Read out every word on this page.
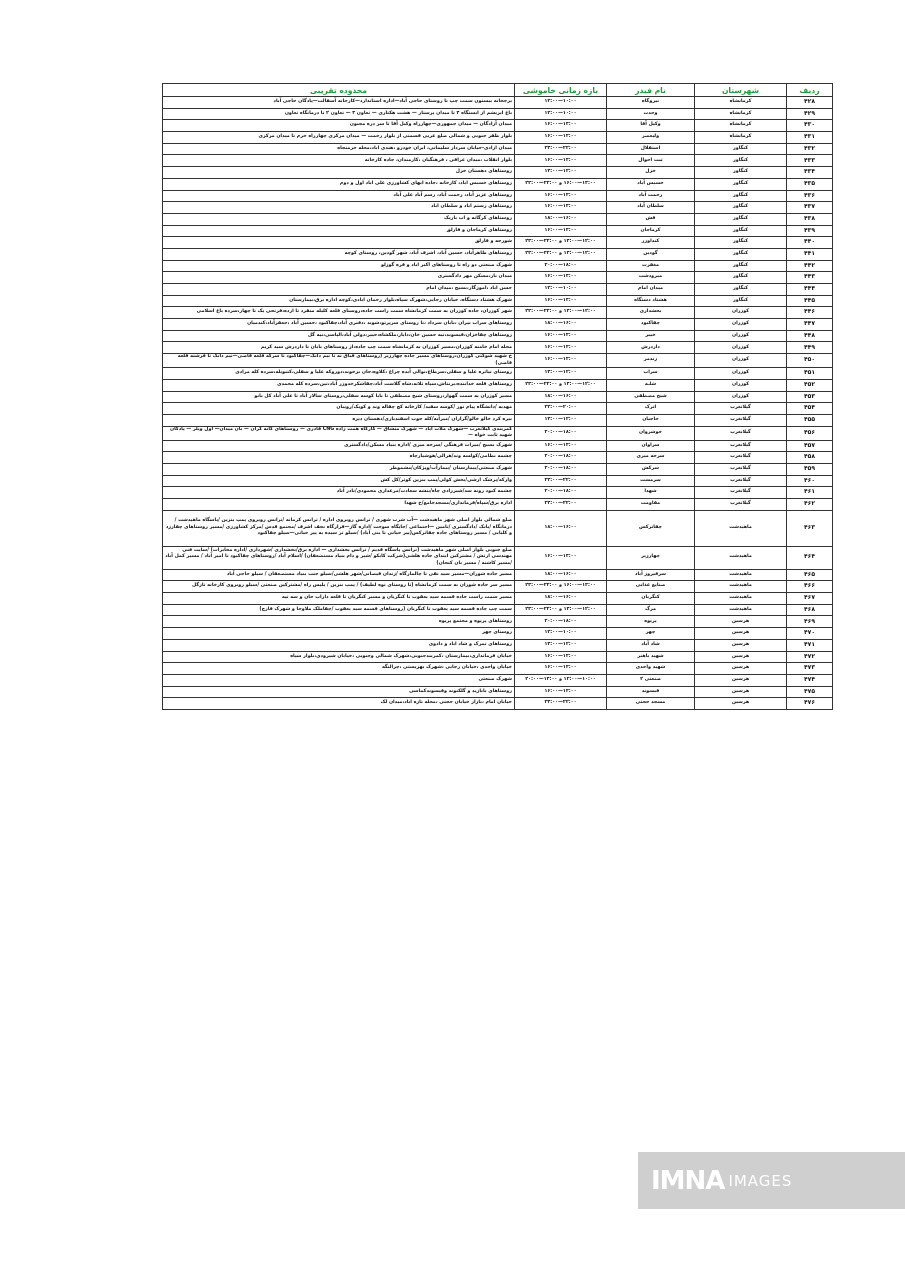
ردیف	شهرستان	نام فیدر	بازه زمانی خاموشی	محدوده تقریبی
۴۲۸	کرمانشاه	نیروگاه	۱۰:۰۰—۱۲:۰۰	برجخانه بیستون سمت چپ تا روستای حاجی آباد—اداره استاندارد—کارخانه آسفالت—پادگان حاجی آباد
۴۲۹	کرمانشاه	وحدت	۱۰:۰۰—۱۲:۰۰	باغ ابریشم از ایستگاه ۴ تا میدان پرستار — هشت هکتاری — تعاون ۳ — تعاون ۲ تا درمانگاه تعاون
۴۳۰	کرمانشاه	وکیل آقا	۱۴:۰۰—۱۶:۰۰	میدان آزادگان — میدان جمهوری—چهارراه وکیل آقا تا سر دره مجنون
۴۳۱	کرمانشاه	ولیعصر	۱۴:۰۰—۱۶:۰۰	بلوار ظفر جنوبی و شمالی ضلع غربی قسمتی از بلوار رحمت — میدان مرکزی چهارراه خرم تا میدان مرکزی
۴۳۲	کنگاور	استقلال	۲۲:۰۰—۲۴:۰۰	میدان ازادی-خیابان سردار سلیمانی، ایران خودرو ،هندی اباد،محله خرمنجاه
۴۳۳	کنگاور	ثبت احوال	۱۴:۰۰—۱۶:۰۰	بلوار انقلاب ،میدان عراقی ، فرهنگیان ،کارمندان، جاده کارخانه
۴۳۴	کنگاور	خزل	۱۲:۰۰—۱۴:۰۰	روستاهای دهستان خزل
۴۳۵	کنگاور	خسبس آباد	۱۴:۰۰—۱۶:۰۰ و ۲۲:۰۰—۲۴:۰۰	روستاهای خسبس اباد، کارخانه ،جاده ابهای کشاورزی علی اباد اول و دوم
۴۳۶	کنگاور	رحمت آباد	۱۴:۰۰—۱۶:۰۰	روستاهای عزیز آباد، رحمت آباد، رسم آباد علی آباد
۴۳۷	کنگاور	سلطان آباد	۱۴:۰۰—۱۶:۰۰	روستاهای رستم اباد و سلطان اباد
۴۳۸	کنگاور	قش	۱۶:۰۰—۱۸:۰۰	روستاهای کرگانه و اب باریک
۴۳۹	کنگاور	کرماجان	۱۴:۰۰—۱۶:۰۰	روستاهای کرماجان و قارلق
۴۴۰	کنگاور	کنداوزر	۱۲:۰۰—۱۴:۰۰ و ۲۲:۰۰—۲۴:۰۰	شورجه و قارلق
۴۴۱	کنگاور	گودین	۱۲:۰۰—۱۴:۰۰ و ۲۲:۰۰—۲۴:۰۰	روستاهای طاهرآباد، حسین آباد، اشرف آباد، شهر گودین، روستای کوچه
۴۴۲	کنگاور	مغفرت	۱۸:۰۰—۲۰:۰۰	شهرک صنعتی دو راه تا روستاهای اکبر اباد و قره گوزلو
۴۴۳	کنگاور	میرودشت	۱۴:۰۰—۱۶:۰۰	میدان بار،مسکن مهر دادگستری
۴۴۴	کنگاور	میدان امام	۱۰:۰۰—۱۲:۰۰	حسن اباد ،اموزگار،بسیج ،میدان امام
۴۴۵	کنگاور	هشتاد دستگاه	۱۴:۰۰—۱۶:۰۰	شهرک هشتاد دستگاه، خیابان رجایی،شهرک سپاه،بلوار رحمان ابادی،کوچه اداره برق،بیمارستان
۴۴۶	کوزران	بخشداری	۱۲:۰۰—۱۴:۰۰ و ۲۲:۰۰—۲۴:۰۰	شهر کوزران، جاده کوزران به سمت کرمانشاه سمت راست جاده،روستای قلعه کلیله منفرد تا ارده،فرنخی یک تا چهار،سرده باغ اسلامی
۴۴۷	کوزران	چقاکبود	۱۶:۰۰—۱۸:۰۰	روستاهای سراب نیران ،بابان سرداد ،تا روستای سرپرتو،شوند ،دفتری آباد،چقاکبود ،حسین آباد ،جعفرآباد،کندمیان
۴۴۸	کوزران	خیبر	۱۴:۰۰—۱۶:۰۰	روستاهای چقاخزان،قیسوند،نیه حسین خان،دایار،ملکشاه،خیبر،دولی آباد،الیاسی،نیه گل
۴۴۹	کوزران	داردرش	۱۴:۰۰—۱۶:۰۰	محله امام خامنه کوزران،مسیر کوزران به کرمانشاه سمت چپ جاده،از روستاهای بابان تا داردرش سید کریم
۴۵۰	کوزران	زندمر	۱۴:۰۰—۱۶:۰۰	خ شهید شوکتی کوزران،روستاهای مسیر جاده چهارزبر (روستاهای قباق نه تا نیم دانگ—چقاکبود تا سرکه قلعه قاضی—نیم دانگ تا فرشته قلعه قاضی)
۴۵۱	کوزران	سراب	۱۲:۰۰—۱۴:۰۰	روستای تیاتره علیا و سفلی،سرطاغ،نوالی آبده چراغ ،کلاوه،جان بزخوند،دوروکه علیا و سفلی،کتنویله،سرده کله مرادی
۴۵۲	کوزران	شلـه	۱۲:۰۰—۱۴:۰۰ و ۲۲:۰۰—۲۴:۰۰	روستاهای قلعه خدابنده،یرنتاش،سپاه ثلاثه،شاه گلاست آباد،چقاشکرخدوزر آباد،تین،سرده کله محمدی
۴۵۳	کوزران	شیخ مصطفی	۱۶:۰۰—۱۸:۰۰	مسیر کوزران به سمت گهوار،روستای شیخ مصطفی تا بابا کوسه سفلی،روستای سالار آباد تا علی آباد کل بابو
۴۵۴	گیلانغرب	اترک	۲۰:۰۰—۲۲:۰۰	مهدیه /دانشگاه پیام نور /کوسه سفید/ کارخانه کچ چقاله وند و کویک/رویبان
۴۵۵	گیلانغرب	حاجیان	۱۲:۰۰—۱۴:۰۰	بیره کرد خالو خالو/گراران /میرآبه/کله جوب اسفندیاری/دهستان دیره
۴۵۶	گیلانغرب	خوشروان	۱۸:۰۰—۲۰:۰۰	کمربندی گیلانغرب —شهرک ملات آباد — شهرک متشاق — کارگاه همت زاده CNG قادری — روستاهای کانه کران — بان میدان— اول ویلر — پادگان شهید ثابت خواه —
۴۵۷	گیلانغرب	سراوان	۱۴:۰۰—۱۶:۰۰	شهرک بسیج /میراث فرهنگی /سرخه میری /اداره بنیاد مسکن/دادگستری
۴۵۸	گیلانغرب	سرخه میری	۱۸:۰۰—۲۰:۰۰	چشمه نظامی/کولسه وند/هرالی/هوشیارچاه
۴۵۹	گیلانغرب	سرکش	۱۸:۰۰—۲۰:۰۰	شهرک صنعتی/بیمارستان /بیمارآب/ویژکان/مشموطر
۴۶۰	گیلانغرب	سرمست	۲۲:۰۰—۲۴:۰۰	وارکه/پرشک ارشی/بخش کولی/پمپ بنزین کوثر/کل کش
۴۶۱	گیلانغرب	شهدا	۱۸:۰۰—۲۰:۰۰	چشمه کبود رونه سد/شیرزادی چاه/بنشه سعادت/مرغداری محمودی/نادر آباد
۴۶۲	گیلانغرب	مقاومت	۲۲:۰۰—۲۴:۰۰	اداره برق/سپاه/فرمانداری/مسجدجامع/خ شهدا
۴۶۳	ماهیدشت	چقاترکس	۱۶:۰۰—۱۸:۰۰	ضلع شمالی بلوار اصلی شهر ماهیدشت —آب شرب شهری / ترانس روبروی اداره / ترانس کرمانه /ترانس روبروی پمپ بنزین /پاسگاه ماهیدشت / درمانگاه /بانک /دادگستری /تامین —اجتماعی /جایگاه سوخت /اداره گاز—قرارگاه نجف اشرف /مجتمع قدس /مرکز کشاورزی /مسیر روستاهای چقارزد و کلیایی / مسیر روستاهای جاده چقاترکس(پیر حیاتی تا بنی آباد) /سیلو تر سیده به پیر حیاتی—سیلو چقاکبود
۴۶۴	ماهیدشت	چهارزبر	۱۴:۰۰—۱۶:۰۰	ضلع جنوبی بلوار اصلی شهر ماهیدشت (ترانس پاسگاه قدیم / ترانس بخشداری — اداره برق/بخشداری /شهرداری /اداره مخابرات) /سایت فنی مهندسی ارتش / مشترکین ابتدای جاده هلشی(شرکت کابکو /شیر و دام بنیاد مستضعفان) /اسلام آباد /روستاهای چقاکبود تا امیر آباد / مسیر کمل آباد /مسیر کاشنه / مسیر بان کنجان)
۴۶۵	ماهیدشت	سرفیروز آباد	۱۶:۰۰—۱۸:۰۰	مسیر جاده شوران—مسیر سید نقی تا چالمارگاه /زندان قیصانی/شهر هلشی/سیلو جنب بنیاد مستضعفان / سیلو حاجی آباد
۴۶۶	ماهیدشت	صنایع غذایی	۱۴:۰۰—۱۶:۰۰ و ۲۲:۰۰—۲۴:۰۰	مسیر سر جاده شوران به سمت کرمانشاه (تا روستای نوه لطیف) / پمپ بنزین / پلیس راه /مشترکین صنعتی /سیلو روبروی کارخانه تازگل
۴۶۷	ماهیدشت	کنگربان	۱۶:۰۰—۱۸:۰۰	مسیر سمت راست جاده قسمه سید یعقوب تا کنگربان و مسیر کنگربان تا قلعه داراب خان و سه تپه
۴۶۸	ماهیدشت	مرگ	۱۲:۰۰—۱۴:۰۰ و ۲۲:۰۰—۲۴:۰۰	سمت چپ جاده قسمه سید یعقوب تا کنگربان (روستاهای قسمه سید یعقوب /چقاملک ملاوجا و شهرک قارچ)
۴۶۹	هرسین	پریوه	۱۸:۰۰—۲۰:۰۰	روستاهای پریوه و مجتمع پریوه
۴۷۰	هرسین	چهر	۱۰:۰۰—۱۲:۰۰	روستای چهر
۴۷۱	هرسین	شاد آباد	۱۲:۰۰—۱۴:۰۰	روستاهای تمرک و شاد اباد و دادوی
۴۷۲	هرسین	شهید باهنر	۱۴:۰۰—۱۶:۰۰	خیابان فرمانداری،بیمارستان ،کمربندجنوبی،شهرک شمالی وجنوبی ،خیابان شیرودی،بلوار سپاه
۴۷۳	هرسین	شهید واحدی	۱۴:۰۰—۱۶:۰۰	خیابان واحدی ،خیابان رجایی ،شهرک بهزیستی ،چرالنگه
۴۷۴	هرسین	صنعتی ۲	۱۰:۰۰—۱۲:۰۰ و ۱۴:۰۰—۲۰:۰۰	شهرک صنعتی
۴۷۵	هرسین	قیسوند	۱۴:۰۰—۱۶:۰۰	روستاهای بابازید و گلکنوند وقیسوندکماسی
۴۷۶	هرسین	مسجد حجتی	۲۲:۰۰—۲۴:۰۰	خیابان امام ،بازار خیابان حجتی ،محله تازه اباد،میدان لک
IMNA IMAGES
